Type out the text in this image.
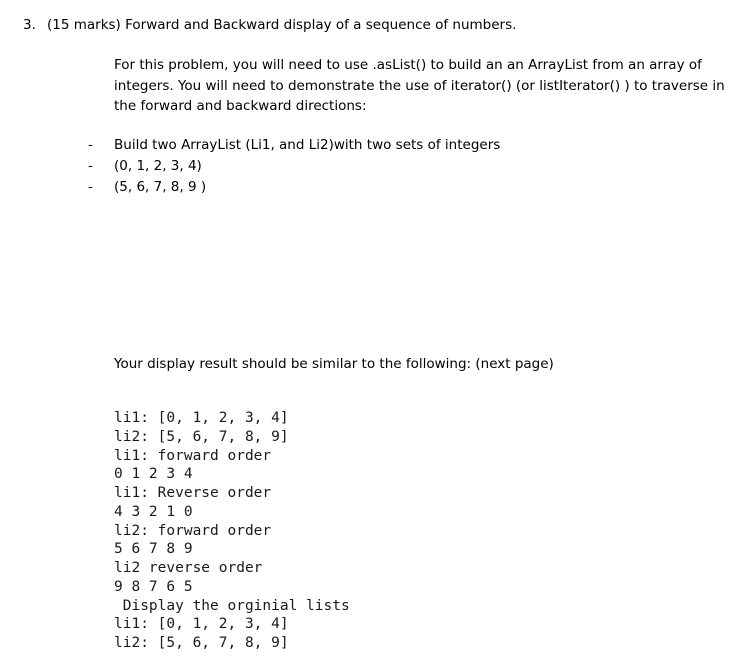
3. (15 marks) Forward and Backward display of a sequence of numbers.
For this problem, you will need to use .asList() to build an an ArrayList from an array of
integers. You will need to demonstrate the use of iterator() (or listIterator() ) to traverse in
the forward and backward directions:
- Build two ArrayList (Li1, and Li2)with two sets of integers
- (0, 1, 2, 3, 4)
- (5, 6, 7, 8, 9 )
Your display result should be similar to the following: (next page)
li1: [0, 1, 2, 3, 4]
li2: [5, 6, 7, 8, 9]
li1: forward order
0 1 2 3 4
li1: Reverse order
4 3 2 1 0
li2: forward order
5 6 7 8 9
li2 reverse order
9 8 7 6 5
Display the orginial lists
li1: [0, 1, 2, 3, 4]
li2: [5, 6, 7, 8, 9]
